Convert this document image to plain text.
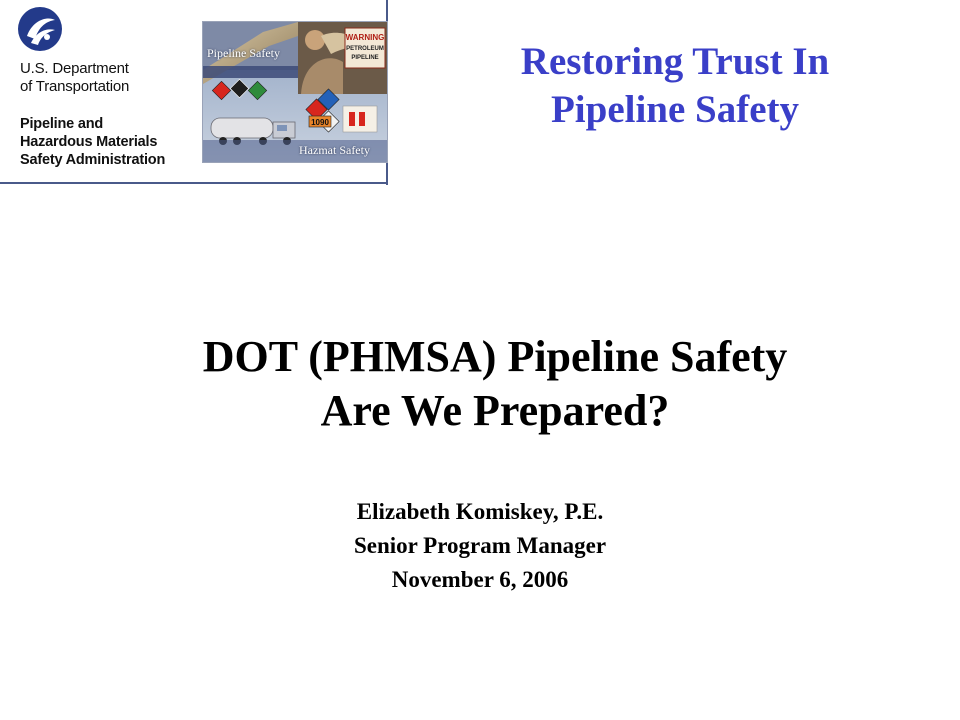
U.S. Department

of Transportation

Pipeline and

Hazardous Materials

Safety Administration

WARNING
PETROLEUM
PIPELINE
1090

Pipeline Safety

Hazmat Safety

Restoring Trust In
Pipeline Safety
DOT (PHMSA) Pipeline Safety
Are We Prepared?
Elizabeth Komiskey, P.E.
Senior Program Manager
November 6, 2006
